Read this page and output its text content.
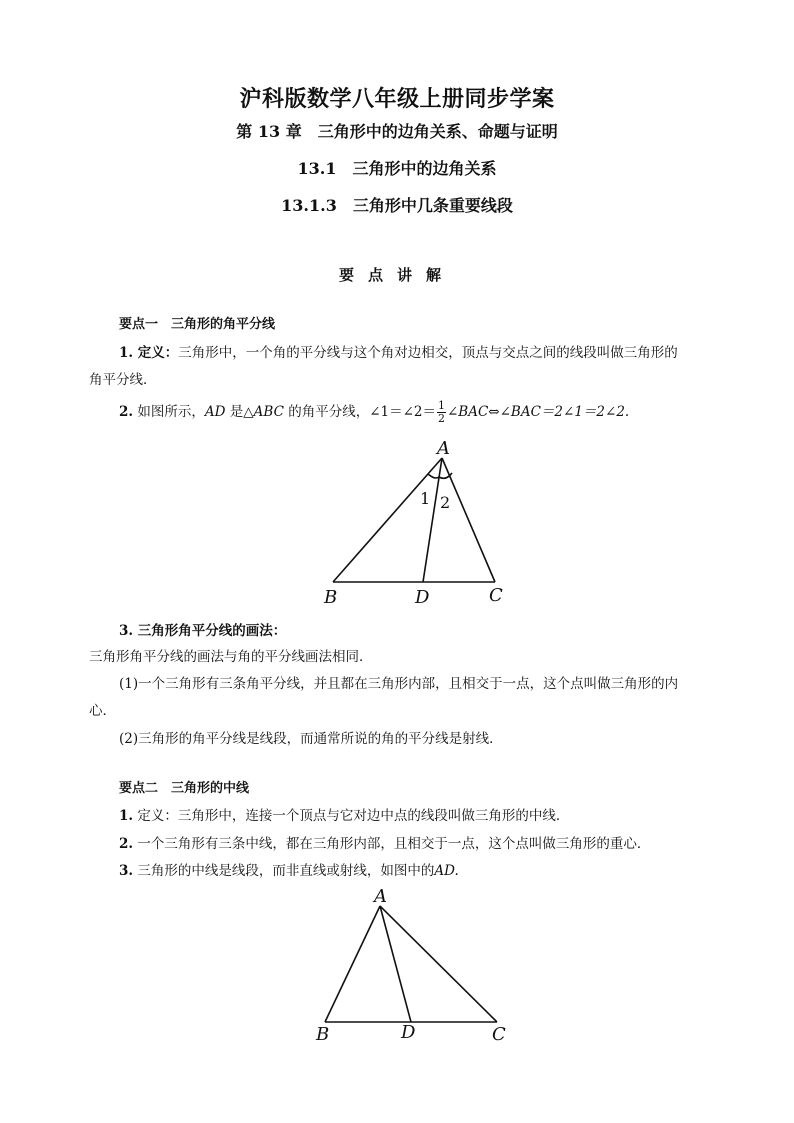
沪科版数学八年级上册同步学案
第 13 章　三角形中的边角关系、命题与证明
13.1　三角形中的边角关系
13.1.3　三角形中几条重要线段
要点讲解
要点一　三角形的角平分线
1. 定义：三角形中，一个角的平分线与这个角对边相交，顶点与交点之间的线段叫做三角形的
角平分线．
2. 如图所示，AD 是△ABC 的角平分线，∠1＝∠2＝ $\frac{1}{2}$ ∠BAC⇔∠BAC＝2∠1＝2∠2.
A
B	D	C
1 2
3. 三角形角平分线的画法：
三角形角平分线的画法与角的平分线画法相同．
(1)一个三角形有三条角平分线，并且都在三角形内部，且相交于一点，这个点叫做三角形的内
心．
(2)三角形的角平分线是线段，而通常所说的角的平分线是射线．
要点二　三角形的中线
1. 定义：三角形中，连接一个顶点与它对边中点的线段叫做三角形的中线．
2. 一个三角形有三条中线，都在三角形内部，且相交于一点，这个点叫做三角形的重心．
3. 三角形的中线是线段，而非直线或射线，如图中的AD.
A
B	D	C
